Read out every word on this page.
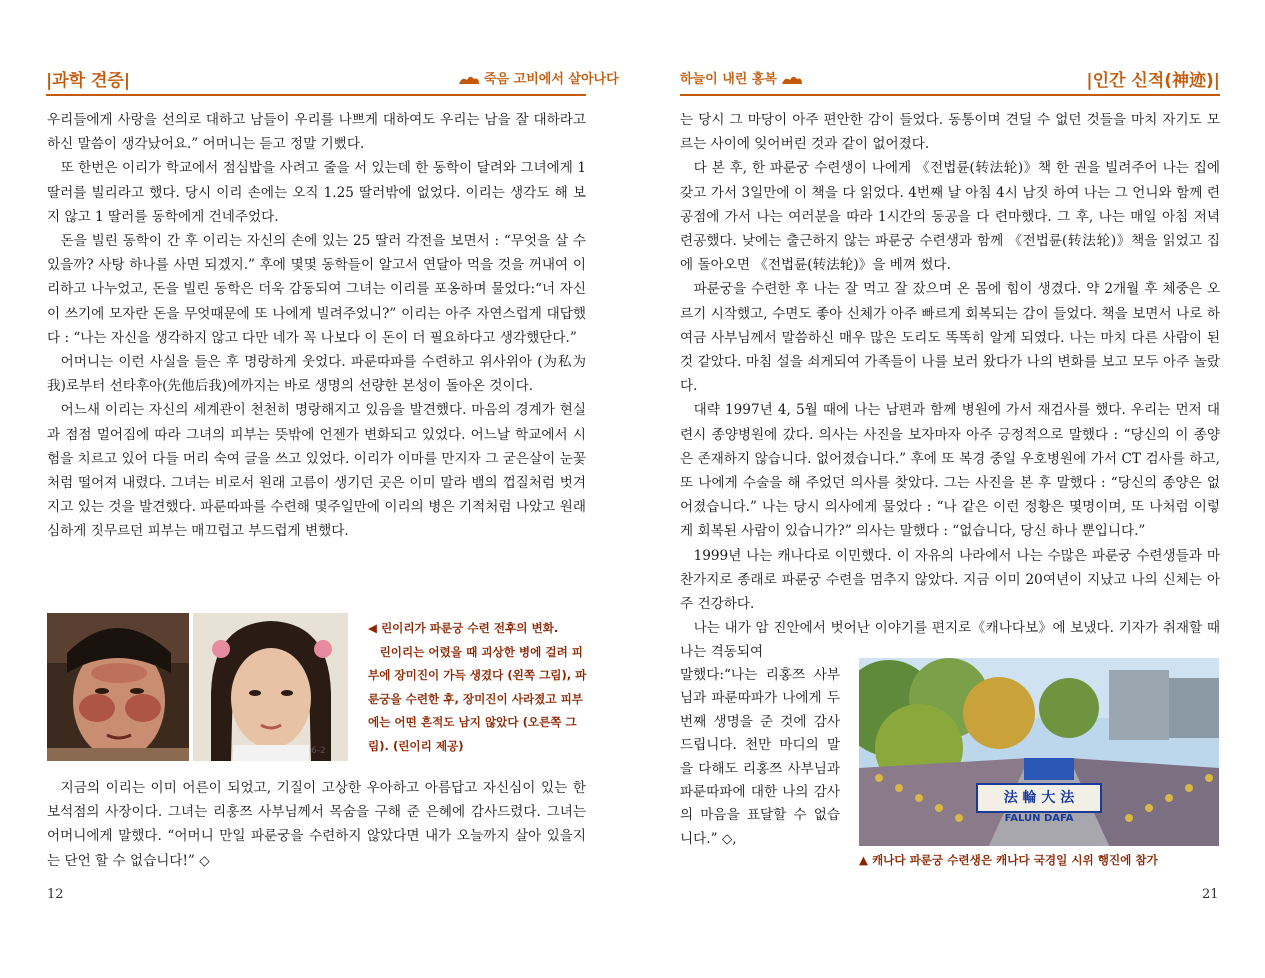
|과학 견증|	죽음 고비에서 살아나다

우리들에게 사랑을 선의로 대하고 남들이 우리를 나쁘게 대하여도 우리는 남을 잘 대하라고 하신 말씀이 생각났어요.” 어머니는 듣고 정말 기뻤다.

또 한번은 이리가 학교에서 점심밥을 사려고 줄을 서 있는데 한 동학이 달려와 그녀에게 1 딸러를 빌리라고 했다. 당시 이리 손에는 오직 1.25 딸러밖에 없었다. 이리는 생각도 해 보지 않고 1 딸러를 동학에게 건네주었다.

돈을 빌린 동학이 간 후 이리는 자신의 손에 있는 25 딸러 각전을 보면서 : “무엇을 살 수 있을까? 사탕 하나를 사면 되겠지.” 후에 몇몇 동학들이 알고서 연달아 먹을 것을 꺼내여 이리하고 나누었고, 돈을 빌린 동학은 더욱 감동되여 그녀는 이리를 포옹하며 물었다:“너 자신이 쓰기에 모자란 돈을 무엇때문에 또 나에게 빌려주었니?” 이리는 아주 자연스럽게 대답했다 : “나는 자신을 생각하지 않고 다만 네가 꼭 나보다 이 돈이 더 필요하다고 생각했단다.”

어머니는 이런 사실을 들은 후 명랑하게 웃었다. 파룬따파를 수련하고 위사위아 (为私为我)로부터 선타후아(先他后我)에까지는 바로 생명의 선량한 본성이 돌아온 것이다.

어느새 이리는 자신의 세계관이 천천히 명랑해지고 있음을 발견했다. 마음의 경계가 현실과 점점 멀어짐에 따라 그녀의 피부는 뜻밖에 언젠가 변화되고 있었다. 어느날 학교에서 시험을 치르고 있어 다들 머리 숙여 글을 쓰고 있었다. 이리가 이마를 만지자 그 굳은살이 눈꽃처럼 떨어져 내렸다. 그녀는 비로서 원래 고름이 생기던 곳은 이미 말라 뱀의 껍질처럼 벗겨지고 있는 것을 발견했다. 파룬따파를 수련해 몇주일만에 이리의 병은 기적처럼 나았고 원래 심하게 짓무르던 피부는 매끄럽고 부드럽게 변했다.

6-2
◀ 린이리가 파룬궁 수련 전후의 변화.
린이리는 어렸을 때 괴상한 병에 걸려 피부에 장미진이 가득 생겼다 (왼쪽 그림), 파룬궁을 수련한 후, 장미진이 사라졌고 피부에는 어떤 흔적도 남지 않았다 (오른쪽 그림). (린이리 제공)

지금의 이리는 이미 어른이 되었고, 기질이 고상한 우아하고 아름답고 자신심이 있는 한 보석점의 사장이다. 그녀는 리훙쯔 사부님께서 목숨을 구해 준 은혜에 감사드렸다. 그녀는 어머니에게 말했다. “어머니 만일 파룬궁을 수련하지 않았다면 내가 오늘까지 살아 있을지는 단언 할 수 없습니다!” ◇

12
하늘이 내린 홍복	|인간 신적(神迹)|

는 당시 그 마당이 아주 편안한 감이 들었다. 동통이며 견딜 수 없던 것들을 마치 자기도 모르는 사이에 잊어버린 것과 같이 없어졌다.

다 본 후, 한 파룬궁 수련생이 나에게 《전법륜(转法轮)》책 한 권을 빌려주어 나는 집에 갖고 가서 3일만에 이 책을 다 읽었다. 4번째 날 아침 4시 남짓 하여 나는 그 언니와 함께 련공점에 가서 나는 여러분을 따라 1시간의 동공을 다 련마했다. 그 후, 나는 매일 아침 저녁 련공했다. 낮에는 출근하지 않는 파룬궁 수련생과 함께 《전법륜(转法轮)》책을 읽었고 집에 돌아오면 《전법륜(转法轮)》을 베껴 썼다.

파룬궁을 수련한 후 나는 잘 먹고 잘 잤으며 온 몸에 힘이 생겼다. 약 2개월 후 체중은 오르기 시작했고, 수면도 좋아 신체가 아주 빠르게 회복되는 감이 들었다. 책을 보면서 나로 하여금 사부님께서 말씀하신 매우 많은 도리도 똑똑히 알게 되였다. 나는 마치 다른 사람이 된 것 같았다. 마침 설을 쇠게되여 가족들이 나를 보러 왔다가 나의 변화를 보고 모두 아주 놀랐다.

대략 1997년 4, 5월 때에 나는 남편과 함께 병원에 가서 재검사를 했다. 우리는 먼저 대련시 종양병원에 갔다. 의사는 사진을 보자마자 아주 긍정적으로 말했다 : “당신의 이 종양은 존재하지 않습니다. 없어졌습니다.” 후에 또 복경 중일 우호병원에 가서 CT 검사를 하고, 또 나에게 수술을 해 주었던 의사를 찾았다. 그는 사진을 본 후 말했다 : “당신의 종양은 없어졌습니다.” 나는 당시 의사에게 물었다 : “나 같은 이런 정황은 몇명이며, 또 나처럼 이렇게 회복된 사람이 있습니가?” 의사는 말했다 : “없습니다, 당신 하나 뿐입니다.”

1999년 나는 캐나다로 이민했다. 이 자유의 나라에서 나는 수많은 파룬궁 수련생들과 마찬가지로 종래로 파룬궁 수련을 멈추지 않았다. 지금 이미 20여년이 지났고 나의 신체는 아주 건강하다.

나는 내가 암 진안에서 벗어난 이야기를 편지로《캐나다보》에 보냈다. 기자가 취재할 때 나는 격동되여

말했다:“나는 리홍쯔 사부님과 파룬따파가 나에게 두 번째 생명을 준 것에 감사드립니다. 천만 마디의 말을 다해도 리홍쯔 사부님과 파룬따파에 대한 나의 감사의 마음을 표달할 수 없습니다.” ◇,

法 輪 大 法
FALUN DAFA
▲ 캐나다 파룬궁 수련생은 캐나다 국경일 시위 행진에 참가
21
